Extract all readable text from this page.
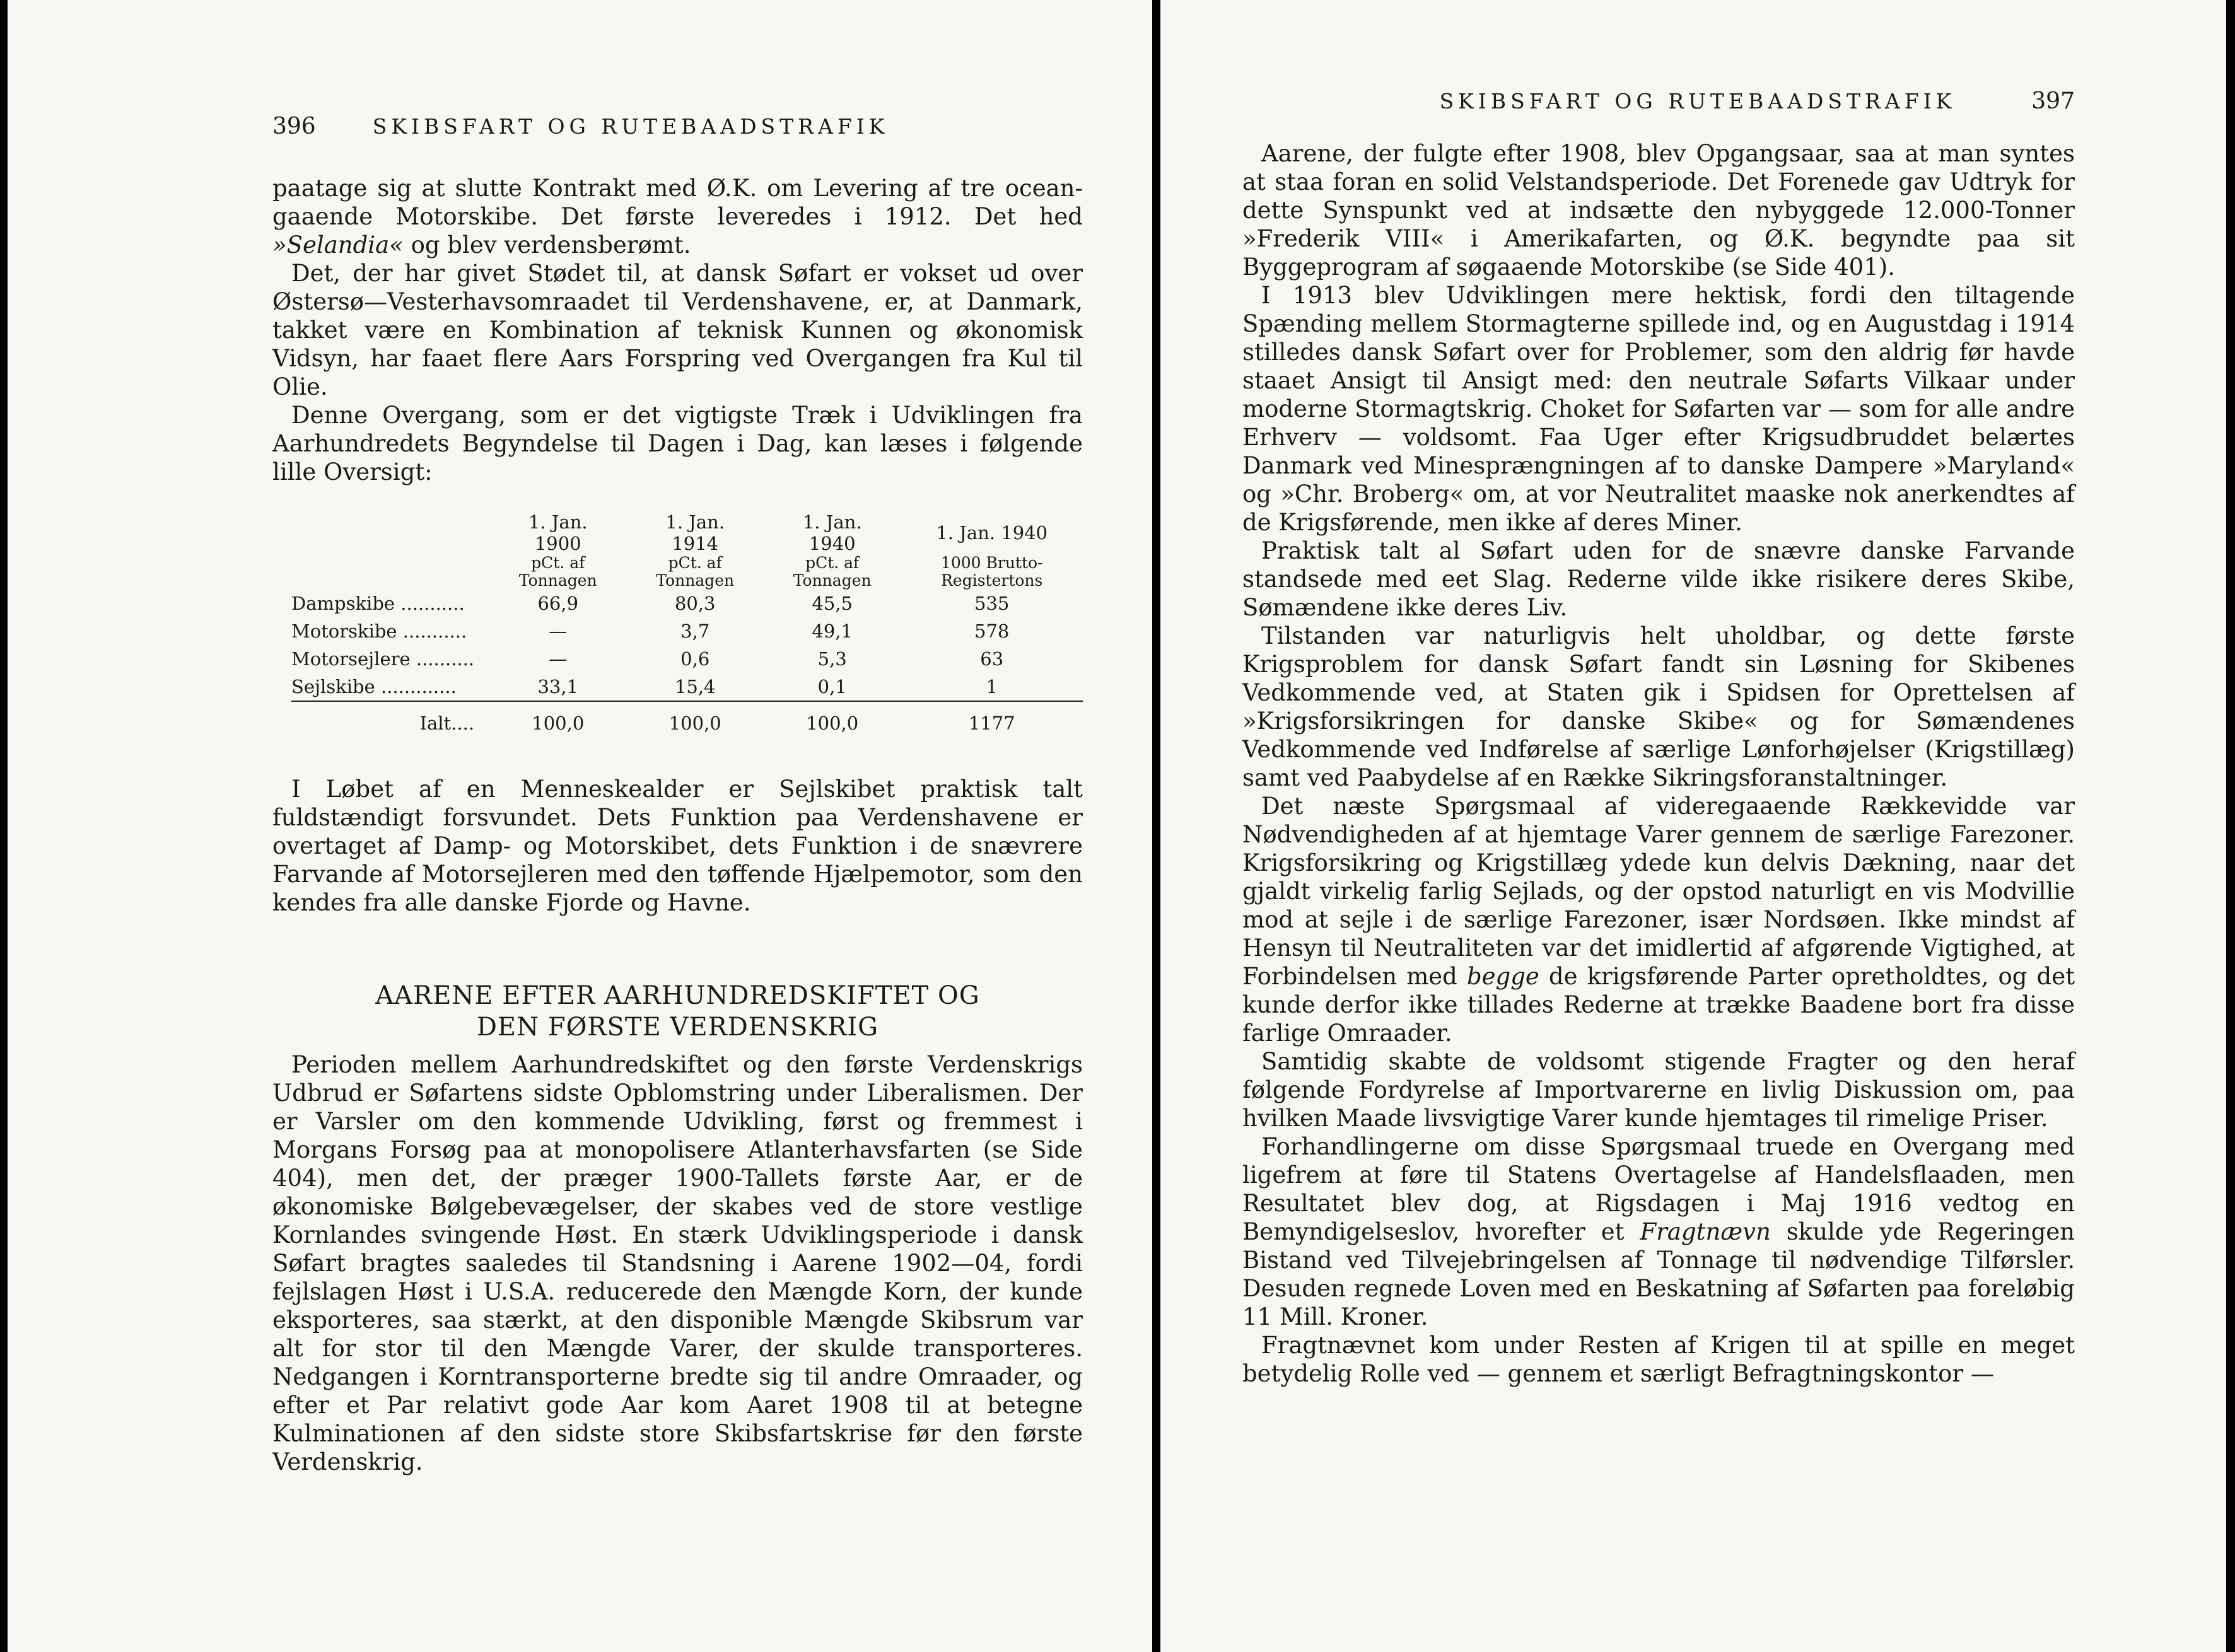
396	SKIBSFART OG RUTEBAADSTRAFIK

paatage sig at slutte Kontrakt med Ø.K. om Levering af tre ocean-gaaende Motorskibe. Det første leveredes i 1912. Det hed »Selandia« og blev verdensberømt.

Det, der har givet Stødet til, at dansk Søfart er vokset ud over Østersø—Vesterhavsomraadet til Verdenshavene, er, at Danmark, takket være en Kombination af teknisk Kunnen og økonomisk Vidsyn, har faaet flere Aars Forspring ved Overgangen fra Kul til Olie.

Denne Overgang, som er det vigtigste Træk i Udviklingen fra Aarhundredets Begyndelse til Dagen i Dag, kan læses i følgende lille Oversigt:

	1. Jan. 1900	1. Jan. 1914	1. Jan. 1940	1. Jan. 1940
	pCt. af Tonnagen	pCt. af Tonnagen	pCt. af Tonnagen	1000 Brutto-Registertons
Dampskibe ...........	66,9	80,3	45,5	535
Motorskibe ...........	—	3,7	49,1	578
Motorsejlere ..........	—	0,6	5,3	63
Sejlskibe .............	33,1	15,4	0,1	1
Ialt....	100,0	100,0	100,0	1177

I Løbet af en Menneskealder er Sejlskibet praktisk talt fuldstændigt forsvundet. Dets Funktion paa Verdenshavene er overtaget af Damp- og Motorskibet, dets Funktion i de snævrere Farvande af Motorsejleren med den tøffende Hjælpemotor, som den kendes fra alle danske Fjorde og Havne.

AARENE EFTER AARHUNDREDSKIFTET OG
DEN FØRSTE VERDENSKRIG

Perioden mellem Aarhundredskiftet og den første Verdenskrigs Udbrud er Søfartens sidste Opblomstring under Liberalismen. Der er Varsler om den kommende Udvikling, først og fremmest i Morgans Forsøg paa at monopolisere Atlanterhavsfarten (se Side 404), men det, der præger 1900-Tallets første Aar, er de økonomiske Bølgebevægelser, der skabes ved de store vestlige Kornlandes svingende Høst. En stærk Udviklingsperiode i dansk Søfart bragtes saaledes til Standsning i Aarene 1902—04, fordi fejlslagen Høst i U.S.A. reducerede den Mængde Korn, der kunde eksporteres, saa stærkt, at den disponible Mængde Skibsrum var alt for stor til den Mængde Varer, der skulde transporteres. Nedgangen i Korntransporterne bredte sig til andre Omraader, og efter et Par relativt gode Aar kom Aaret 1908 til at betegne Kulminationen af den sidste store Skibsfartskrise før den første Verdenskrig.

SKIBSFART OG RUTEBAADSTRAFIK	397

Aarene, der fulgte efter 1908, blev Opgangsaar, saa at man syntes at staa foran en solid Velstandsperiode. Det Forenede gav Udtryk for dette Synspunkt ved at indsætte den nybyggede 12.000-Tonner »Frederik VIII« i Amerikafarten, og Ø.K. begyndte paa sit Byggeprogram af søgaaende Motorskibe (se Side 401).

I 1913 blev Udviklingen mere hektisk, fordi den tiltagende Spænding mellem Stormagterne spillede ind, og en Augustdag i 1914 stilledes dansk Søfart over for Problemer, som den aldrig før havde staaet Ansigt til Ansigt med: den neutrale Søfarts Vilkaar under moderne Stormagtskrig. Choket for Søfarten var — som for alle andre Erhverv — voldsomt. Faa Uger efter Krigsudbruddet belærtes Danmark ved Minesprængningen af to danske Dampere »Maryland« og »Chr. Broberg« om, at vor Neutralitet maaske nok anerkendtes af de Krigsførende, men ikke af deres Miner.

Praktisk talt al Søfart uden for de snævre danske Farvande standsede med eet Slag. Rederne vilde ikke risikere deres Skibe, Sømændene ikke deres Liv.

Tilstanden var naturligvis helt uholdbar, og dette første Krigsproblem for dansk Søfart fandt sin Løsning for Skibenes Vedkommende ved, at Staten gik i Spidsen for Oprettelsen af »Krigsforsikringen for danske Skibe« og for Sømændenes Vedkommende ved Indførelse af særlige Lønforhøjelser (Krigstillæg) samt ved Paabydelse af en Række Sikringsforanstaltninger.

Det næste Spørgsmaal af videregaaende Rækkevidde var Nødvendigheden af at hjemtage Varer gennem de særlige Farezoner. Krigsforsikring og Krigstillæg ydede kun delvis Dækning, naar det gjaldt virkelig farlig Sejlads, og der opstod naturligt en vis Modvillie mod at sejle i de særlige Farezoner, især Nordsøen. Ikke mindst af Hensyn til Neutraliteten var det imidlertid af afgørende Vigtighed, at Forbindelsen med begge de krigsførende Parter opretholdtes, og det kunde derfor ikke tillades Rederne at trække Baadene bort fra disse farlige Omraader.

Samtidig skabte de voldsomt stigende Fragter og den heraf følgende Fordyrelse af Importvarerne en livlig Diskussion om, paa hvilken Maade livsvigtige Varer kunde hjemtages til rimelige Priser.

Forhandlingerne om disse Spørgsmaal truede en Overgang med ligefrem at føre til Statens Overtagelse af Handelsflaaden, men Resultatet blev dog, at Rigsdagen i Maj 1916 vedtog en Bemyndigelseslov, hvorefter et Fragtnævn skulde yde Regeringen Bistand ved Tilvejebringelsen af Tonnage til nødvendige Tilførsler. Desuden regnede Loven med en Beskatning af Søfarten paa foreløbig 11 Mill. Kroner.

Fragtnævnet kom under Resten af Krigen til at spille en meget betydelig Rolle ved — gennem et særligt Befragtningskontor —
